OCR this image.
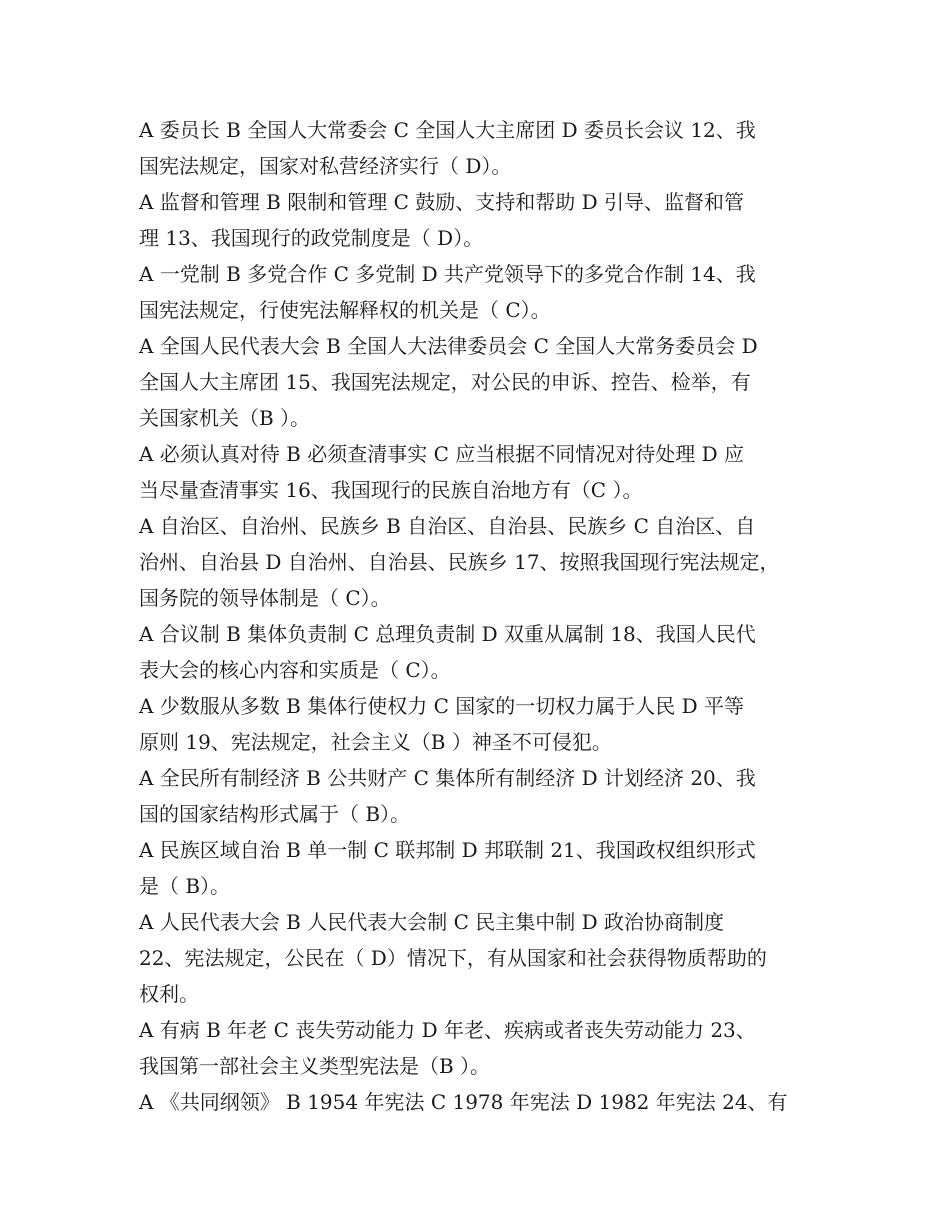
A 委员长 B 全国人大常委会 C 全国人大主席团 D 委员长会议 12、我
国宪法规定，国家对私营经济实行（ D）。
A 监督和管理 B 限制和管理 C 鼓励、支持和帮助 D 引导、监督和管
理 13、我国现行的政党制度是（ D）。
A 一党制 B 多党合作 C 多党制 D 共产党领导下的多党合作制 14、我
国宪法规定，行使宪法解释权的机关是（ C）。
A 全国人民代表大会 B 全国人大法律委员会 C 全国人大常务委员会 D
全国人大主席团 15、我国宪法规定，对公民的申诉、控告、检举，有
关国家机关（B ）。
A 必须认真对待 B 必须查清事实 C 应当根据不同情况对待处理 D 应
当尽量查清事实 16、我国现行的民族自治地方有（C ）。
A 自治区、自治州、民族乡 B 自治区、自治县、民族乡 C 自治区、自
治州、自治县 D 自治州、自治县、民族乡 17、按照我国现行宪法规定，
国务院的领导体制是（ C）。
A 合议制 B 集体负责制 C 总理负责制 D 双重从属制 18、我国人民代
表大会的核心内容和实质是（ C）。
A 少数服从多数 B 集体行使权力 C 国家的一切权力属于人民 D 平等
原则 19、宪法规定，社会主义（B ）神圣不可侵犯。
A 全民所有制经济 B 公共财产 C 集体所有制经济 D 计划经济 20、我
国的国家结构形式属于（ B）。
A 民族区域自治 B 单一制 C 联邦制 D 邦联制 21、我国政权组织形式
是（ B）。
A 人民代表大会 B 人民代表大会制 C 民主集中制 D 政治协商制度
22、宪法规定，公民在（ D）情况下，有从国家和社会获得物质帮助的
权利。
A 有病 B 年老 C 丧失劳动能力 D 年老、疾病或者丧失劳动能力 23、
我国第一部社会主义类型宪法是（B ）。
A 《共同纲领》 B 1954 年宪法 C 1978 年宪法 D 1982 年宪法 24、有
